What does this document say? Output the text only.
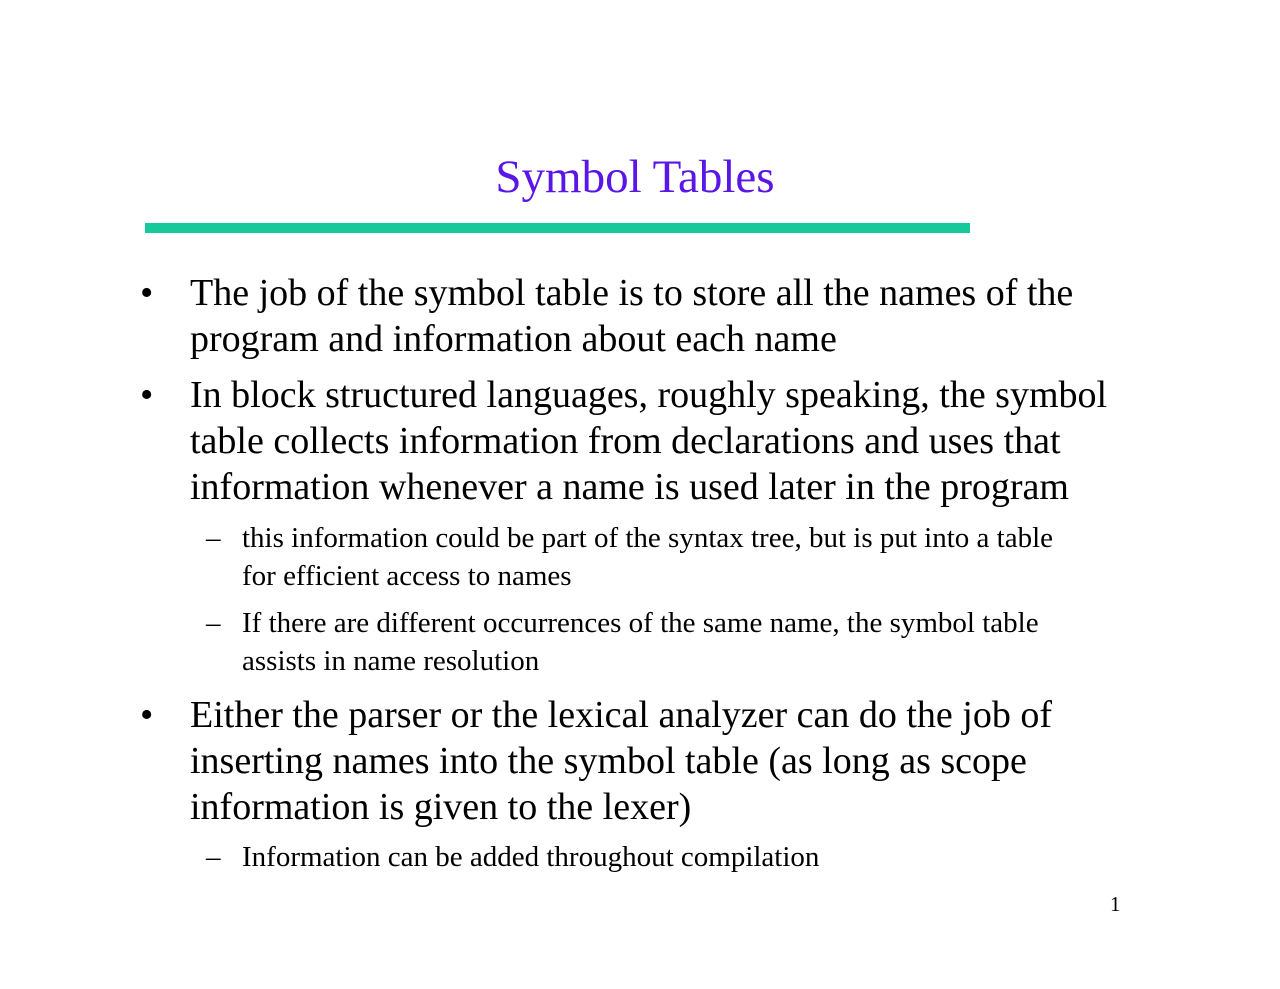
Symbol Tables
• The job of the symbol table is to store all the names of the
program and information about each name
• In block structured languages, roughly speaking, the symbol
table collects information from declarations and uses that
information whenever a name is used later in the program
– this information could be part of the syntax tree, but is put into a table
for efficient access to names
– If there are different occurrences of the same name, the symbol table
assists in name resolution
• Either the parser or the lexical analyzer can do the job of
inserting names into the symbol table (as long as scope
information is given to the lexer)
– Information can be added throughout compilation
1
